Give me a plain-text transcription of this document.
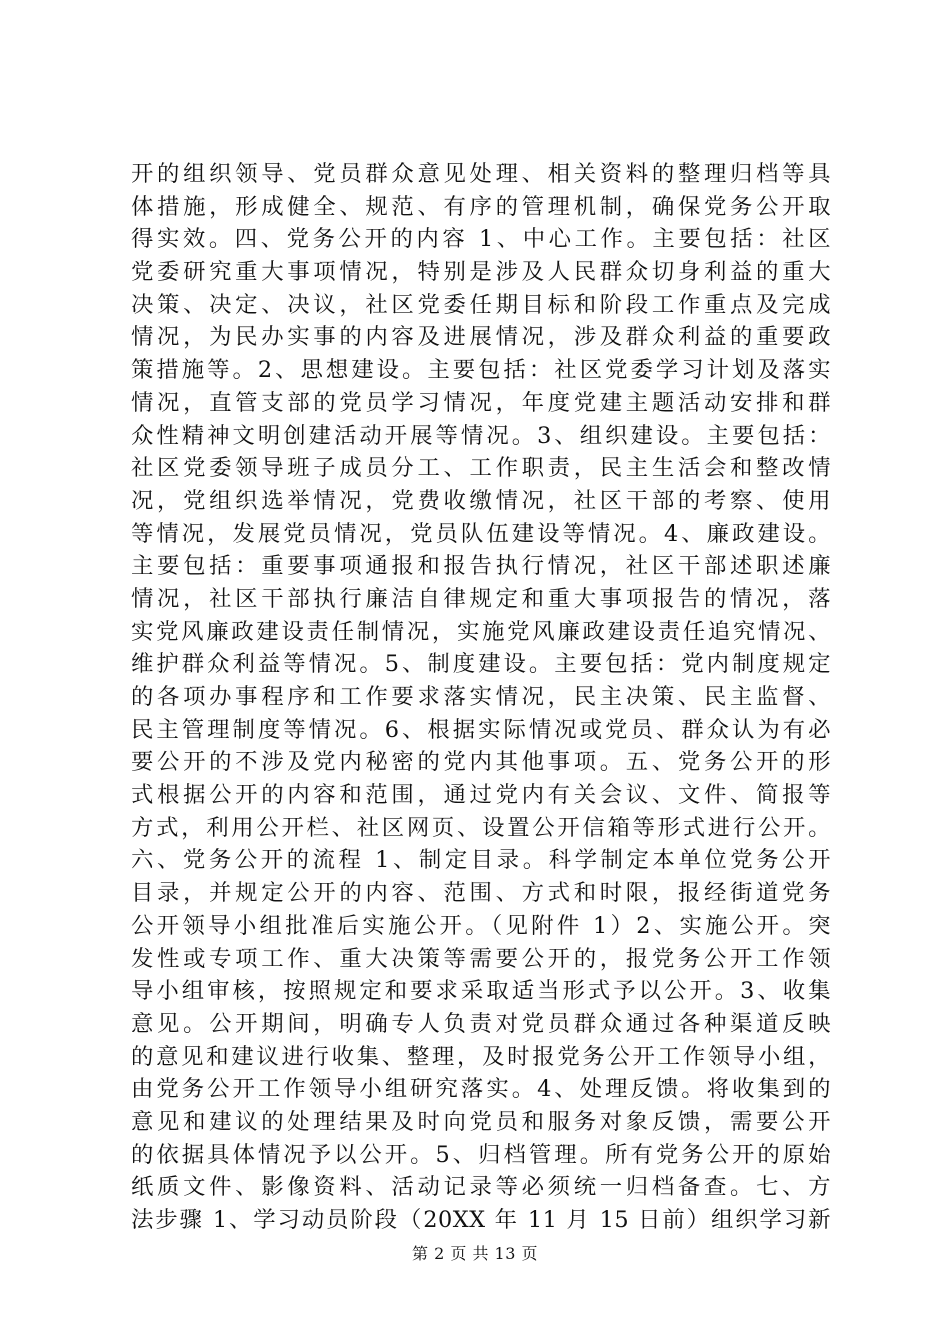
开的组织领导、党员群众意见处理、相关资料的整理归档等具
体措施，形成健全、规范、有序的管理机制，确保党务公开取
得实效。四、党务公开的内容 1、中心工作。主要包括：社区
党委研究重大事项情况，特别是涉及人民群众切身利益的重大
决策、决定、决议，社区党委任期目标和阶段工作重点及完成
情况，为民办实事的内容及进展情况，涉及群众利益的重要政
策措施等。2、思想建设。主要包括：社区党委学习计划及落实
情况，直管支部的党员学习情况，年度党建主题活动安排和群
众性精神文明创建活动开展等情况。3、组织建设。主要包括：
社区党委领导班子成员分工、工作职责，民主生活会和整改情
况，党组织选举情况，党费收缴情况，社区干部的考察、使用
等情况，发展党员情况，党员队伍建设等情况。4、廉政建设。
主要包括：重要事项通报和报告执行情况，社区干部述职述廉
情况，社区干部执行廉洁自律规定和重大事项报告的情况，落
实党风廉政建设责任制情况，实施党风廉政建设责任追究情况、
维护群众利益等情况。5、制度建设。主要包括：党内制度规定
的各项办事程序和工作要求落实情况，民主决策、民主监督、
民主管理制度等情况。6、根据实际情况或党员、群众认为有必
要公开的不涉及党内秘密的党内其他事项。五、党务公开的形
式根据公开的内容和范围，通过党内有关会议、文件、简报等
方式，利用公开栏、社区网页、设置公开信箱等形式进行公开。
六、党务公开的流程 1、制定目录。科学制定本单位党务公开
目录，并规定公开的内容、范围、方式和时限，报经街道党务
公开领导小组批准后实施公开。（见附件 1）2、实施公开。突
发性或专项工作、重大决策等需要公开的，报党务公开工作领
导小组审核，按照规定和要求采取适当形式予以公开。3、收集
意见。公开期间，明确专人负责对党员群众通过各种渠道反映
的意见和建议进行收集、整理，及时报党务公开工作领导小组，
由党务公开工作领导小组研究落实。4、处理反馈。将收集到的
意见和建议的处理结果及时向党员和服务对象反馈，需要公开
的依据具体情况予以公开。5、归档管理。所有党务公开的原始
纸质文件、影像资料、活动记录等必须统一归档备查。七、方
法步骤 1、学习动员阶段（20XX 年 11 月 15 日前）组织学习新
第 2 页 共 13 页
